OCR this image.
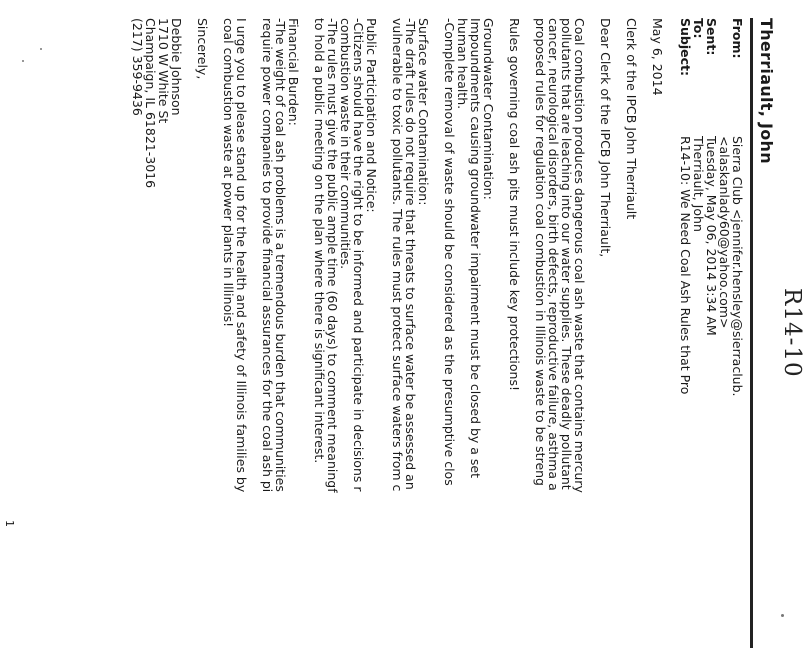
R14-10
Therriault, John
From:Sierra Club <jennifer.hensley@sierraclub.
<alaskanlady60@yahoo.com>
Sent:Tuesday, May 06, 2014 3:34 AM
To:Therriault, John
Subject:R14-10: We Need Coal Ash Rules that Pro
May 6, 2014
Clerk of the IPCB John Therriault
Dear Clerk of the IPCB John Therriault,
Coal combustion produces dangerous coal ash waste that contains mercury
pollutants that are leaching into our water supplies. These deadly pollutant
cancer, neurological disorders, birth defects, reproductive failure, asthma a
proposed rules for regulation coal combustion in Illinois waste to be streng
Rules governing coal ash pits must include key protections!
Groundwater Contamination:
Impoundments causing groundwater impairment must be closed by a set
human health.
-Complete removal of waste should be considered as the presumptive clos
Surface water Contamination:
-The draft rules do not require that threats to surface water be assessed an
vulnerable to toxic pollutants. The rules must protect surface waters from c
Public Participation and Notice:
-Citizens should have the right to be informed and participate in decisions r
combustion waste in their communities.
-The rules must give the public ample time (60 days) to comment meaningf
to hold a public meeting on the plan where there is significant interest.
Financial Burden:
-The weight of coal ash problems is a tremendous burden that communities
require power companies to provide financial assurances for the coal ash pi
I urge you to please stand up for the health and safety of Illinois families by
coal combustion waste at power plants in Illinois!
Sincerely,
Debbie Johnson
1710 W White St
Champaign, IL 61821-3016
(217) 359-9436
1
